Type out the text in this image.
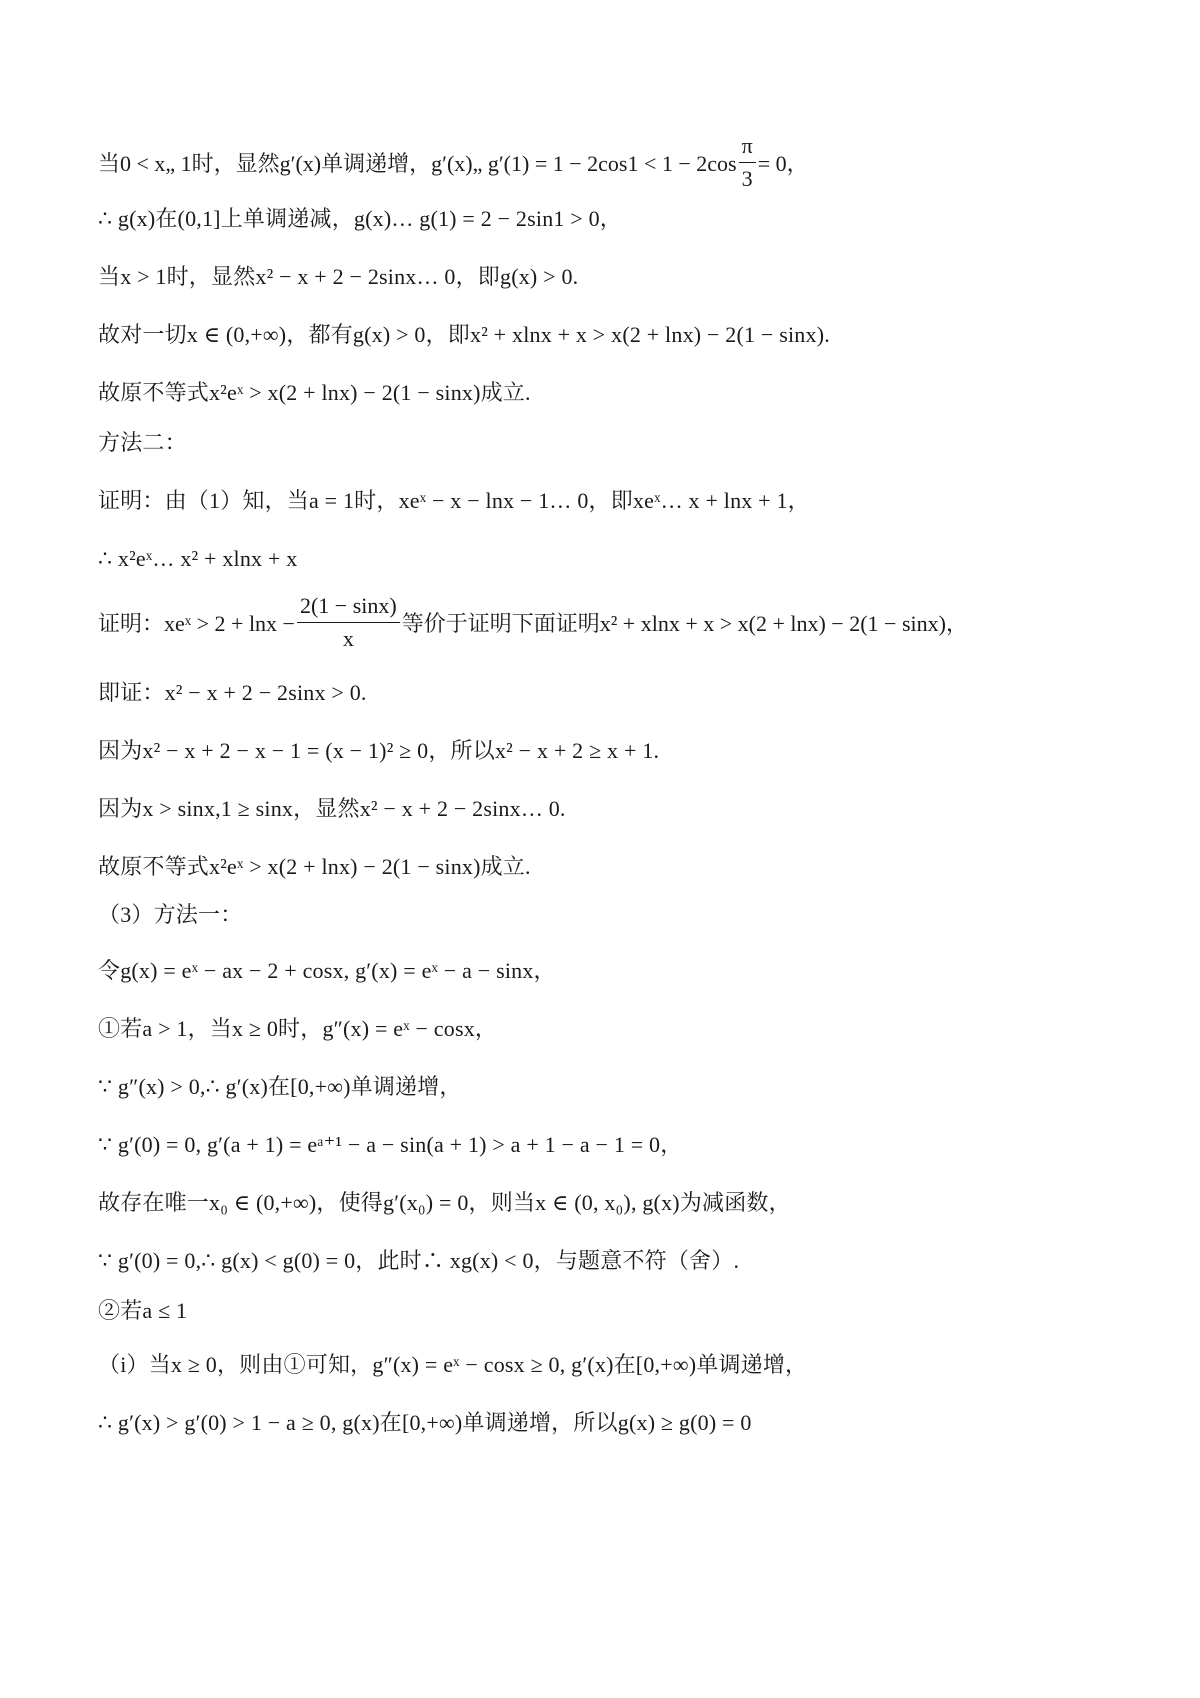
当0 < x„ 1时，显然g′(x)单调递增，g′(x)„ $g'(1) = 1 - 2\cos 1 < 1 - 2\cos \frac{\pi}{3} = 0$，
∴ g(x)在(0,1]上单调递减，g(x)… g(1) = 2 − 2sin1 > 0，
当x > 1时，显然x² − x + 2 − 2sinx… 0，即g(x) > 0.
故对一切x ∈ (0,+∞)，都有g(x) > 0，即x² + xlnx + x > x(2 + lnx) − 2(1 − sinx).
故原不等式x²eˣ > x(2 + lnx) − 2(1 − sinx)成立.
方法二：
证明：由（1）知，当a = 1时，xeˣ − x − lnx − 1… 0，即xeˣ… x + lnx + 1，
∴ x²eˣ… x² + xlnx + x
证明：xeˣ > $2 + \ln x - \frac{2(1 - \sin x)}{x}$ 等价于证明下面证明x² + xlnx + x > x(2 + lnx) − 2(1 − sinx)，
即证：x² − x + 2 − 2sinx > 0.
因为x² − x + 2 − x − 1 = (x − 1)² ≥ 0，所以x² − x + 2 ≥ x + 1.
因为x > sinx,1 ≥ sinx，显然x² − x + 2 − 2sinx… 0.
故原不等式x²eˣ > x(2 + lnx) − 2(1 − sinx)成立.
（3）方法一：
令g(x) = eˣ − ax − 2 + cosx, g′(x) = eˣ − a − sinx，
①若a > 1，当x ≥ 0时，g″(x) = eˣ − cosx，
∵ g″(x) > 0,∴ g′(x)在[0,+∞)单调递增，
∵ g′(0) = 0, g′(a + 1) = eᵃ⁺¹ − a − sin(a + 1) > a + 1 − a − 1 = 0，
故存在唯一x₀ ∈ (0,+∞)，使得g′(x₀) = 0，则当x ∈ (0, x₀), g(x)为减函数，
∵ g′(0) = 0,∴ g(x) < g(0) = 0，此时∴ xg(x) < 0，与题意不符（舍）.
②若a ≤ 1
（i）当x ≥ 0，则由①可知，g″(x) = eˣ − cosx ≥ 0, g′(x)在[0,+∞)单调递增，
∴ g′(x) > g′(0) > 1 − a ≥ 0, g(x)在[0,+∞)单调递增，所以g(x) ≥ g(0) = 0
